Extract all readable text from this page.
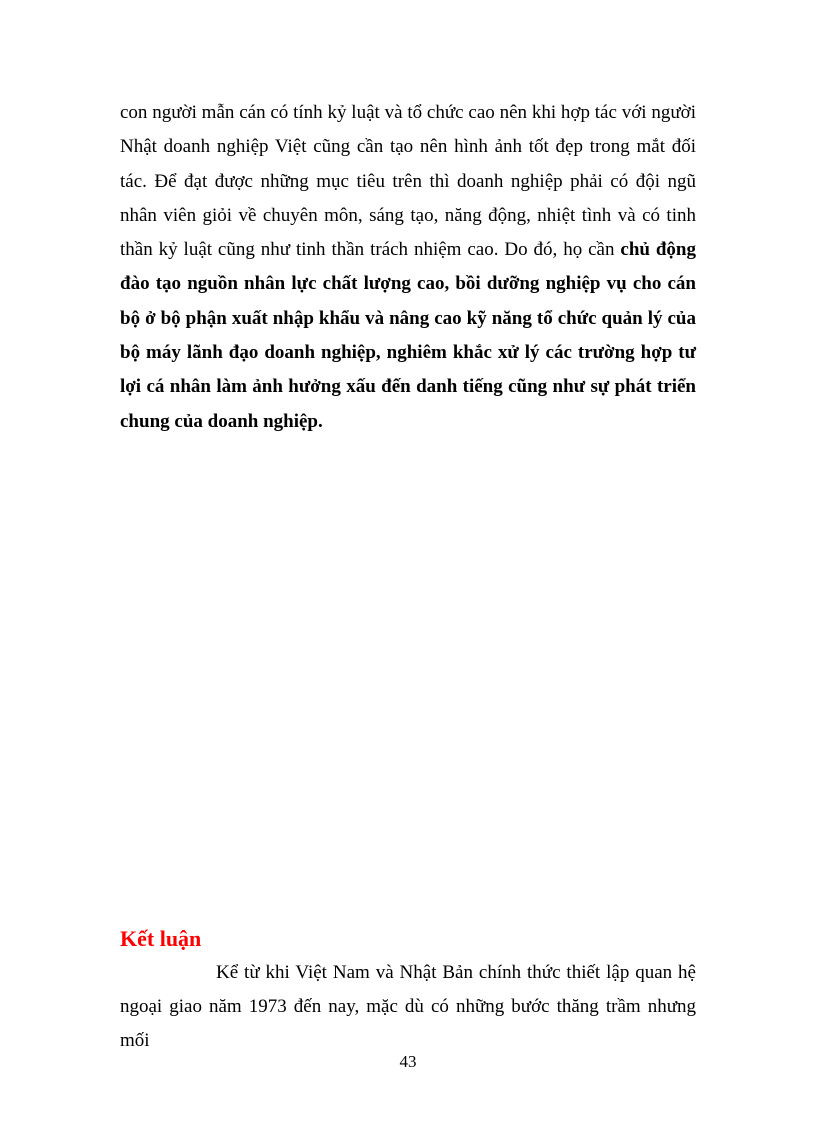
con người mẫn cán có tính kỷ luật và tổ chức cao nên khi hợp tác với người Nhật doanh nghiệp Việt cũng cần tạo nên hình ảnh tốt đẹp trong mắt đối tác. Để đạt được những mục tiêu trên thì doanh nghiệp phải có đội ngũ nhân viên giỏi về chuyên môn, sáng tạo, năng động, nhiệt tình và có tinh thần kỷ luật cũng như tinh thần trách nhiệm cao. Do đó, họ cần chủ động đào tạo nguồn nhân lực chất lượng cao, bồi dưỡng nghiệp vụ cho cán bộ ở bộ phận xuất nhập khẩu và nâng cao kỹ năng tổ chức quản lý của bộ máy lãnh đạo doanh nghiệp, nghiêm khắc xử lý các trường hợp tư lợi cá nhân làm ảnh hưởng xấu đến danh tiếng cũng như sự phát triển chung của doanh nghiệp.

Kết luận

Kể từ khi Việt Nam và Nhật Bản chính thức thiết lập quan hệ ngoại giao năm 1973 đến nay, mặc dù có những bước thăng trầm nhưng mối

43
